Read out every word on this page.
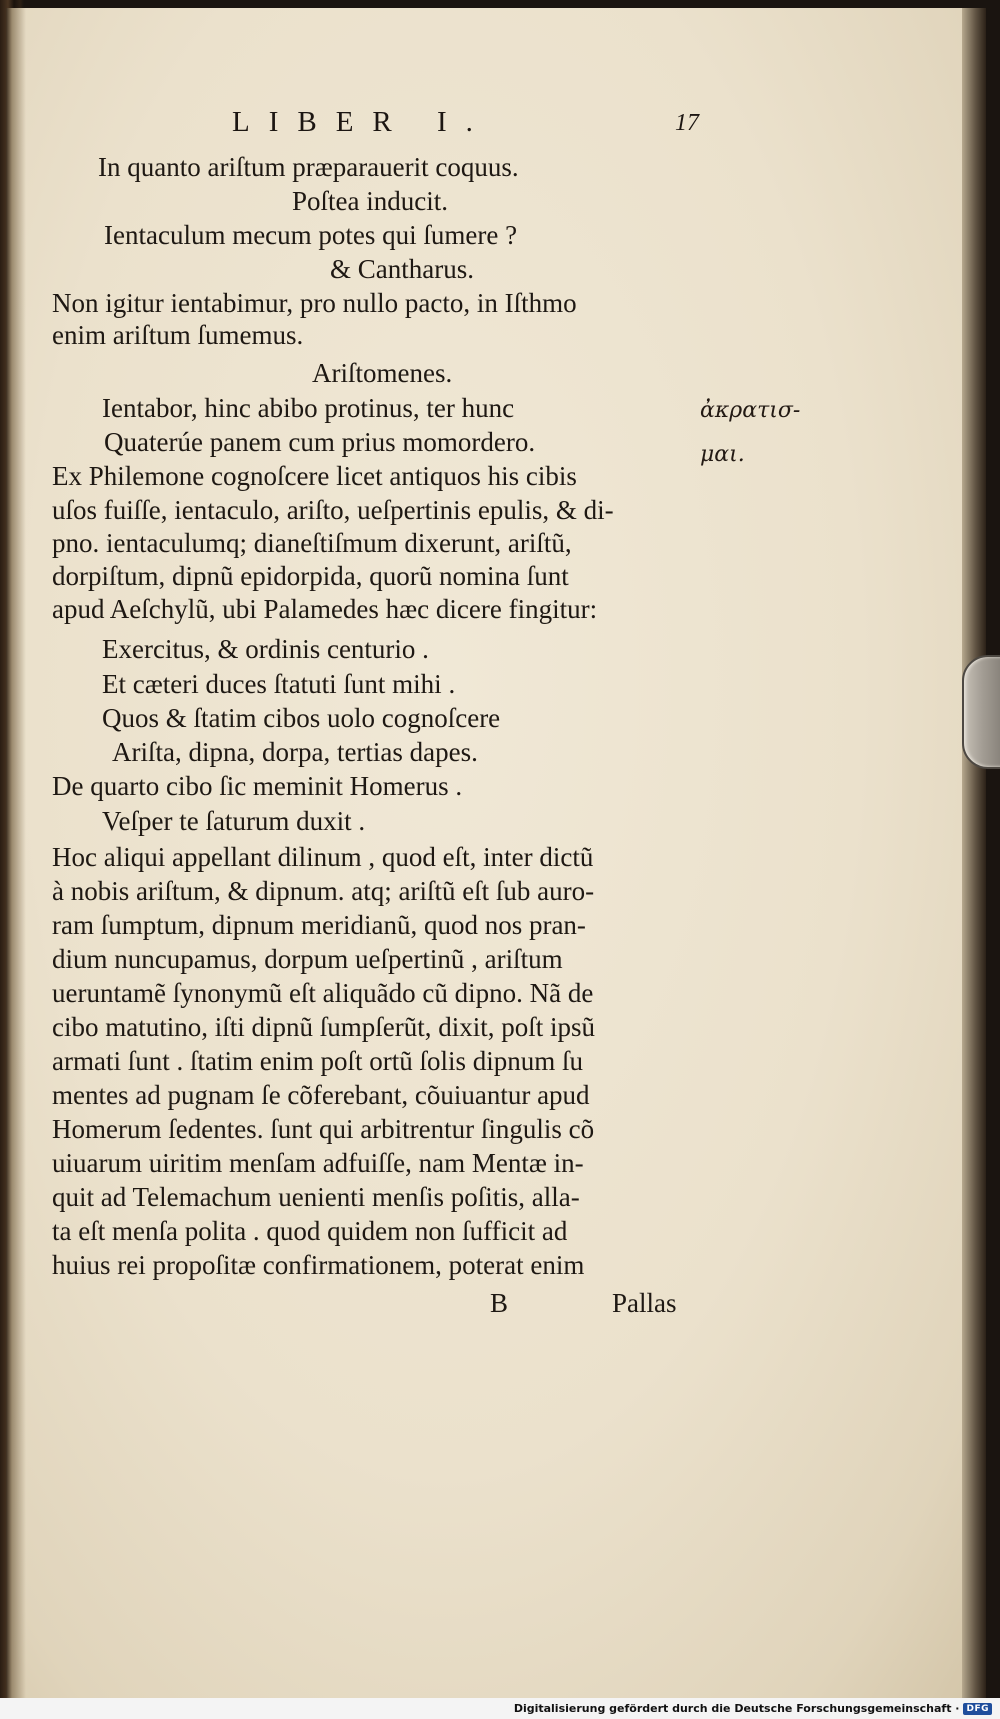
LIBER I.	17
In quanto ariſtum præparauerit coquus.
Poſtea inducit.
Ientaculum mecum potes qui ſumere ?
& Cantharus.
Non igitur ientabimur, pro nullo pacto, in Iſthmo
enim ariſtum ſumemus.
Ariſtomenes.
Ientabor, hinc abibo protinus, ter hunc
Quaterúe panem cum prius momordero.
Ex Philemone cognoſcere licet antiquos his cibis
uſos fuiſſe, ientaculo, ariſto, ueſpertinis epulis, & di-
pno. ientaculumq; dianeſtiſmum dixerunt, ariſtũ,
dorpiſtum, dipnũ epidorpida, quorũ nomina ſunt
apud Aeſchylũ, ubi Palamedes hæc dicere fingitur:
Exercitus, & ordinis centurio .
Et cæteri duces ſtatuti ſunt mihi .
Quos & ſtatim cibos uolo cognoſcere
Ariſta, dipna, dorpa, tertias dapes.
De quarto cibo ſic meminit Homerus .
Veſper te ſaturum duxit .
Hoc aliqui appellant dilinum , quod eſt, inter dictũ
à nobis ariſtum, & dipnum. atq; ariſtũ eſt ſub auro-
ram ſumptum, dipnum meridianũ, quod nos pran-
dium nuncupamus, dorpum ueſpertinũ , ariſtum
ueruntamẽ ſynonymũ eſt aliquãdo cũ dipno. Nã de
cibo matutino, iſti dipnũ ſumpſerũt, dixit, poſt ipsũ
armati ſunt . ſtatim enim poſt ortũ ſolis dipnum ſu
mentes ad pugnam ſe cõferebant, cõuiuantur apud
Homerum ſedentes. ſunt qui arbitrentur ſingulis cõ
uiuarum uiritim menſam adfuiſſe, nam Mentæ in-
quit ad Telemachum uenienti menſis poſitis, alla-
ta eſt menſa polita . quod quidem non ſufficit ad
huius rei propoſitæ confirmationem, poterat enim
ἀκρατισ-
μαι.
B	Pallas
Digitalisierung gefördert durch die Deutsche Forschungsgemeinschaft · DFG
